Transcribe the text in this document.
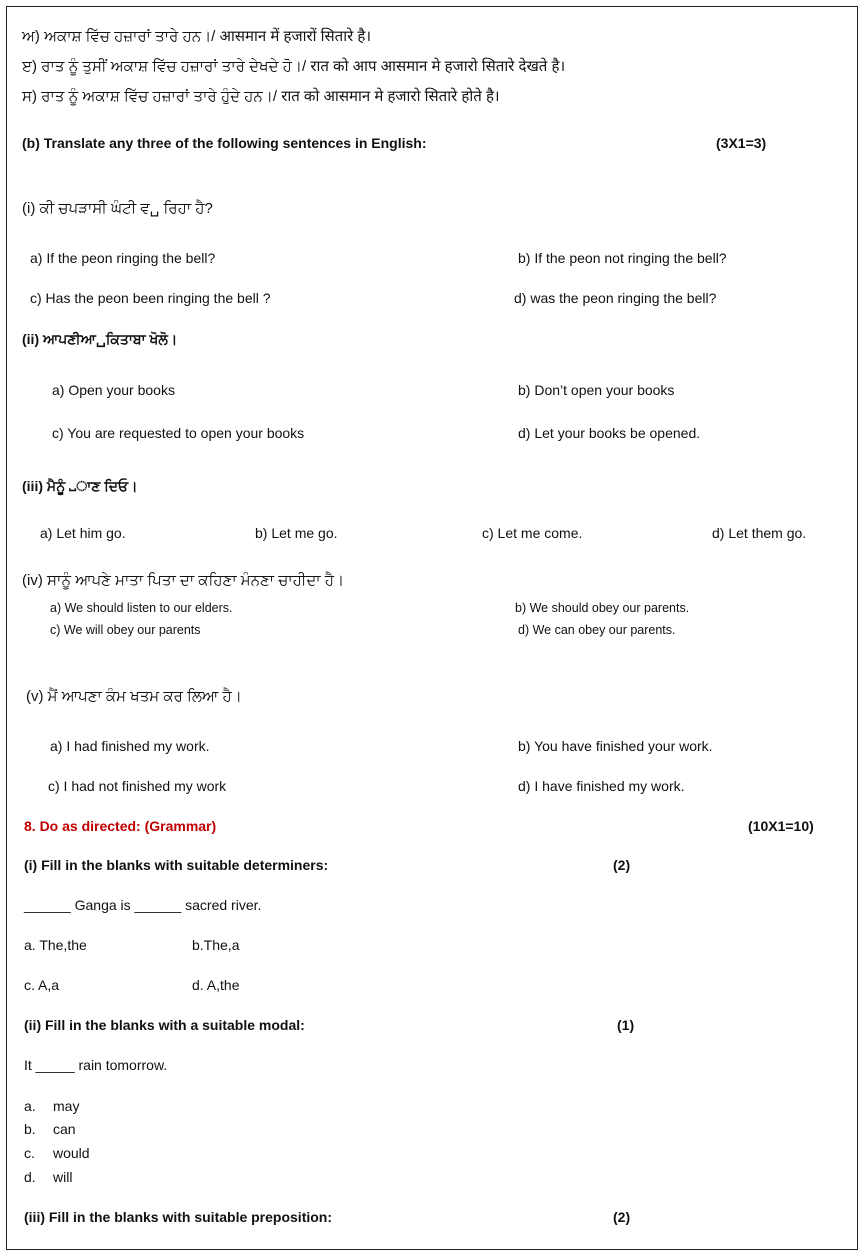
ਅ) ਅਕਾਸ਼ ਵਿੱਚ ਹਜ਼ਾਰਾਂ ਤਾਰੇ ਹਨ।/ आसमान में हजारों सितारे है।
ੲ) ਰਾਤ ਨੂੰ ਤੁਸੀਂ ਅਕਾਸ਼ ਵਿੱਚ ਹਜ਼ਾਰਾਂ ਤਾਰੇ ਦੇਖਦੇ ਹੋ।/ रात को आप आसमान मे हजारो सितारे देखते है।
ਸ) ਰਾਤ ਨੂੰ ਅਕਾਸ਼ ਵਿੱਚ ਹਜ਼ਾਰਾਂ ਤਾਰੇ ਹੁੰਦੇ ਹਨ।/ रात को आसमान मे हजारो सितारे होते है।
(b) Translate any three of the following sentences in English:	(3X1=3)
(i) ਕੀ ਚਪੜਾਸੀ ਘੰਟੀ ਵ␣ ਰਿਹਾ ਹੈ?
a) If the peon ringing the bell?	b) If the peon not ringing the bell?
c) Has the peon been ringing the bell ?	d) was the peon ringing the bell?
(ii) ਆਪਣੀਆ␣ਕਿਤਾਬਾ ਖੋਲੋ।
a) Open your books	b) Don’t open your books
c) You are requested to open your books	d) Let your books be opened.
(iii) ਮੈਨੂੰ ␣ਾਣ ਦਿਓ।
a) Let him go.	b) Let me go.	c) Let me come.	d) Let them go.
(iv) ਸਾਨੂੰ ਆਪਣੇ ਮਾਤਾ ਪਿਤਾ ਦਾ ਕਹਿਣਾ ਮੰਨਣਾ ਚਾਹੀਦਾ ਹੈ।
a) We should listen to our elders.	b) We should obey our parents.
c) We will obey our parents	d) We can obey our parents.
(v) ਮੈਂ ਆਪਣਾ ਕੰਮ ਖਤਮ ਕਰ ਲਿਆ ਹੈ।
a) I had finished my work.	b) You have finished your work.
c) I had not finished my work	d) I have finished my work.
8. Do as directed: (Grammar)	(10X1=10)
(i) Fill in the blanks with suitable determiners:	(2)
______ Ganga is ______ sacred river.
a. The,the	b.The,a
c. A,a	d. A,the
(ii) Fill in the blanks with a suitable modal:	(1)
It _____ rain tomorrow.
a. may
b. can
c. would
d. will
(iii) Fill in the blanks with suitable preposition:	(2)
